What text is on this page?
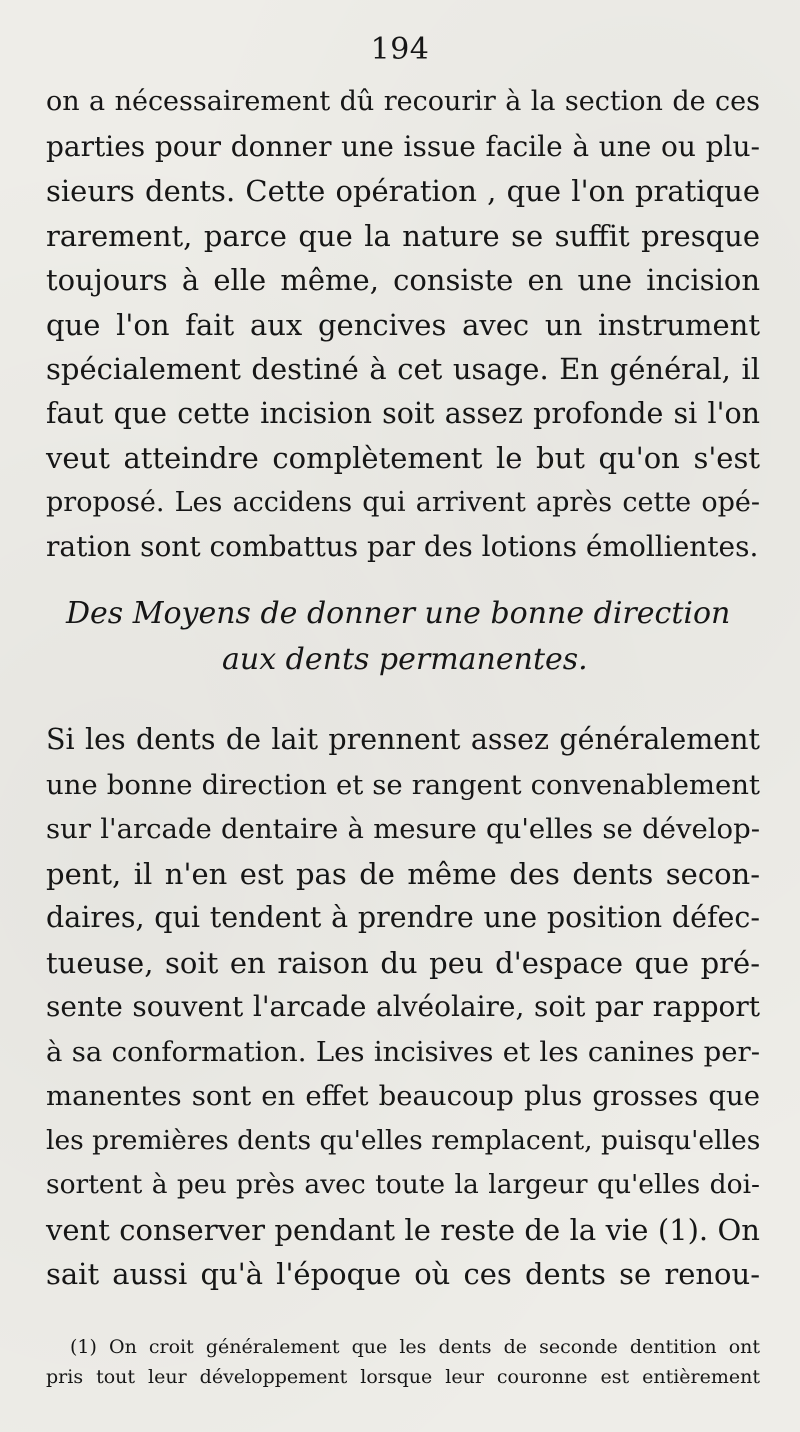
194
on a nécessairement dû recourir à la section de ces
parties pour donner une issue facile à une ou plu-
sieurs dents. Cette opération , que l'on pratique
rarement, parce que la nature se suffit presque
toujours à elle même, consiste en une incision
que l'on fait aux gencives avec un instrument
spécialement destiné à cet usage. En général, il
faut que cette incision soit assez profonde si l'on
veut atteindre complètement le but qu'on s'est
proposé. Les accidens qui arrivent après cette opé-
ration sont combattus par des lotions émollientes.
Des Moyens de donner une bonne direction
aux dents permanentes.
Si les dents de lait prennent assez généralement
une bonne direction et se rangent convenablement
sur l'arcade dentaire à mesure qu'elles se dévelop-
pent, il n'en est pas de même des dents secon-
daires, qui tendent à prendre une position défec-
tueuse, soit en raison du peu d'espace que pré-
sente souvent l'arcade alvéolaire, soit par rapport
à sa conformation. Les incisives et les canines per-
manentes sont en effet beaucoup plus grosses que
les premières dents qu'elles remplacent, puisqu'elles
sortent à peu près avec toute la largeur qu'elles doi-
vent conserver pendant le reste de la vie (1). On
sait aussi qu'à l'époque où ces dents se renou-
(1) On croit généralement que les dents de seconde dentition ont
pris tout leur développement lorsque leur couronne est entièrement
